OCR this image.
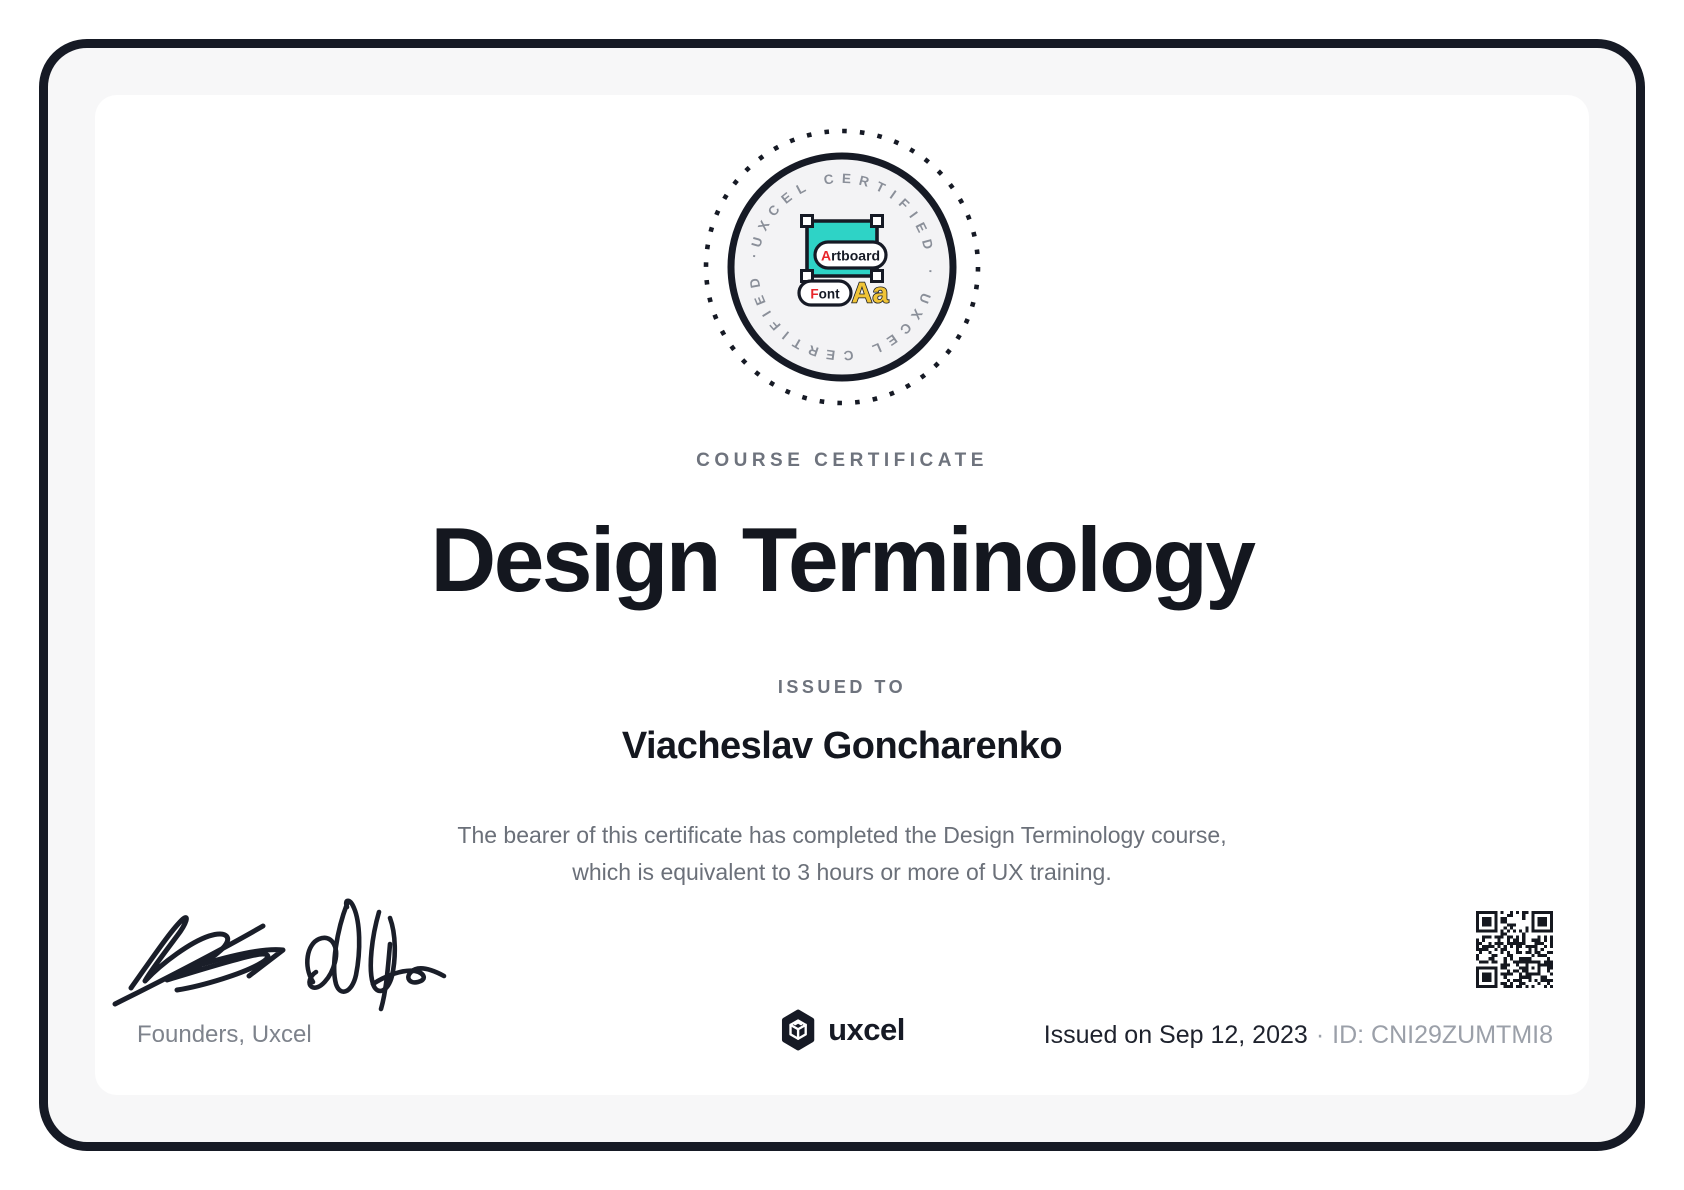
UXCEL CERTIFIED · UXCEL CERTIFIED ·	Artboard
Font Aa
COURSE CERTIFICATE
Design Terminology
ISSUED TO
Viacheslav Goncharenko
The bearer of this certificate has completed the Design Terminology course,
which is equivalent to 3 hours or more of UX training.
Founders, Uxcel	uxcel	Issued on Sep 12, 2023 · ID: CNI29ZUMTMI8
